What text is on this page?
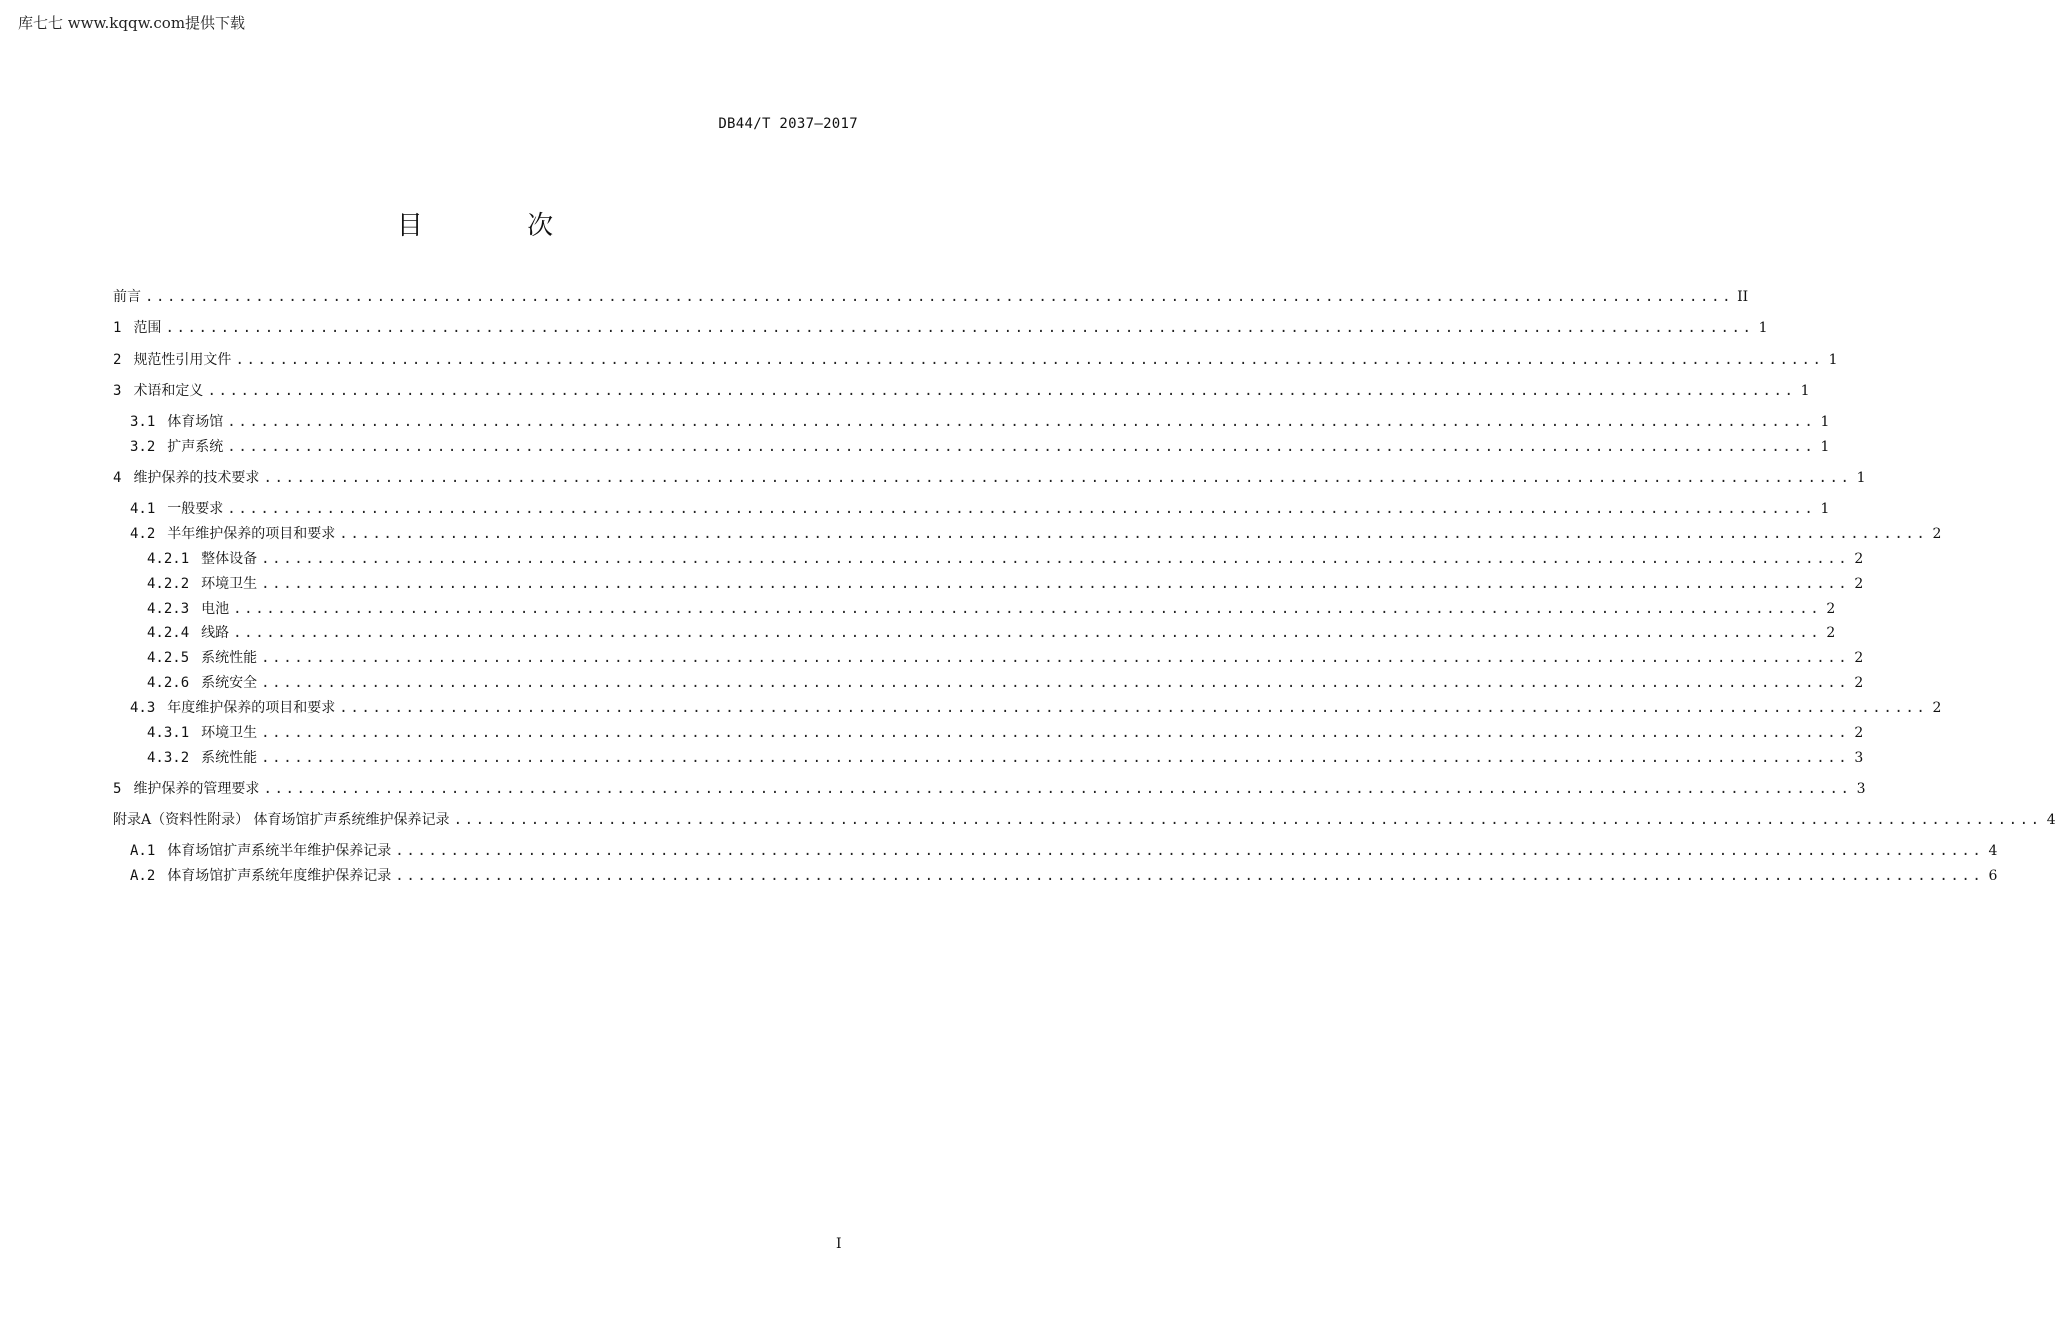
库七七 www.kqqw.com提供下载
DB44/T 2037—2017
目 次
前言 ................................................................................................................................................ II
1 范围 ................................................................................................................................................ 1
2 规范性引用文件 ................................................................................................................................................ 1
3 术语和定义 ................................................................................................................................................ 1
3.1 体育场馆 ................................................................................................................................................ 1
3.2 扩声系统 ................................................................................................................................................ 1
4 维护保养的技术要求 ................................................................................................................................................ 1
4.1 一般要求 ................................................................................................................................................ 1
4.2 半年维护保养的项目和要求 ................................................................................................................................................ 2
4.2.1 整体设备 ................................................................................................................................................ 2
4.2.2 环境卫生 ................................................................................................................................................ 2
4.2.3 电池 ................................................................................................................................................ 2
4.2.4 线路 ................................................................................................................................................ 2
4.2.5 系统性能 ................................................................................................................................................ 2
4.2.6 系统安全 ................................................................................................................................................ 2
4.3 年度维护保养的项目和要求 ................................................................................................................................................ 2
4.3.1 环境卫生 ................................................................................................................................................ 2
4.3.2 系统性能 ................................................................................................................................................ 3
5 维护保养的管理要求 ................................................................................................................................................ 3
附录A（资料性附录） 体育场馆扩声系统维护保养记录 ................................................................................................................................................ 4
A.1 体育场馆扩声系统半年维护保养记录 ................................................................................................................................................ 4
A.2 体育场馆扩声系统年度维护保养记录 ................................................................................................................................................ 6
I
